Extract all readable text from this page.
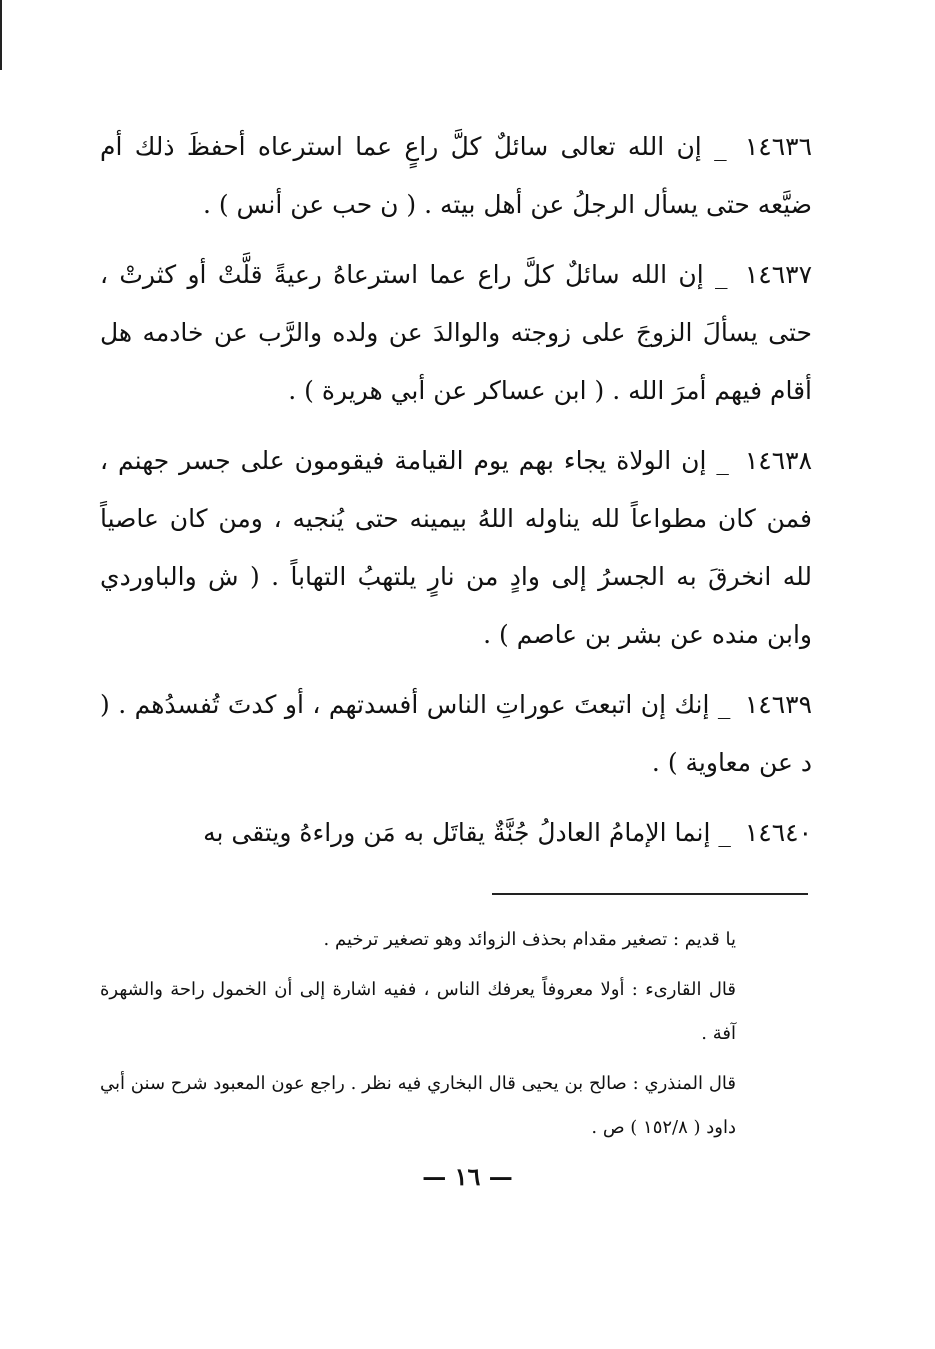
١٤٦٣٦ _ إن الله تعالى سائلٌ كلَّ راعٍ عما استرعاه أحفظَ ذلك أم ضيَّعه حتى يسأل الرجلُ عن أهل بيته . ( ن حب عن أنس ) .

١٤٦٣٧ _ إن الله سائلٌ كلَّ راع عما استرعاهُ رعيةً قلَّتْ أو كثرتْ ، حتى يسألَ الزوجَ على زوجته والوالدَ عن ولده والرَّب عن خادمه هل أقام فيهم أمرَ الله . ( ابن عساكر عن أبي هريرة ) .

١٤٦٣٨ _ إن الولاة يجاء بهم يوم القيامة فيقومون على جسر جهنم ، فمن كان مطواعاً لله يناوله اللهُ بيمينه حتى يُنجيه ، ومن كان عاصياً لله انخرقَ به الجسرُ إلى وادٍ من نارٍ يلتهبُ التهاباً . ( ش والباوردي وابن منده عن بشر بن عاصم ) .

١٤٦٣٩ _ إنك إن اتبعتَ عوراتِ الناس أفسدتهم ، أو كدتَ تُفسدُهم . ( د عن معاوية ) .

١٤٦٤٠ _ إنما الإمامُ العادلُ جُنَّةٌ يقاتَل به مَن وراءهُ ويتقى به

يا قديم : تصغير مقدام بحذف الزوائد وهو تصغير ترخيم .

قال القارىء : أولا معروفاً يعرفك الناس ، ففيه اشارة إلى أن الخمول راحة والشهرة آفة .

قال المنذري : صالح بن يحيى قال البخاري فيه نظر . راجع عون المعبود شرح سنن أبي داود ( ١٥٢/٨ ) ص .

— ١٦ —
